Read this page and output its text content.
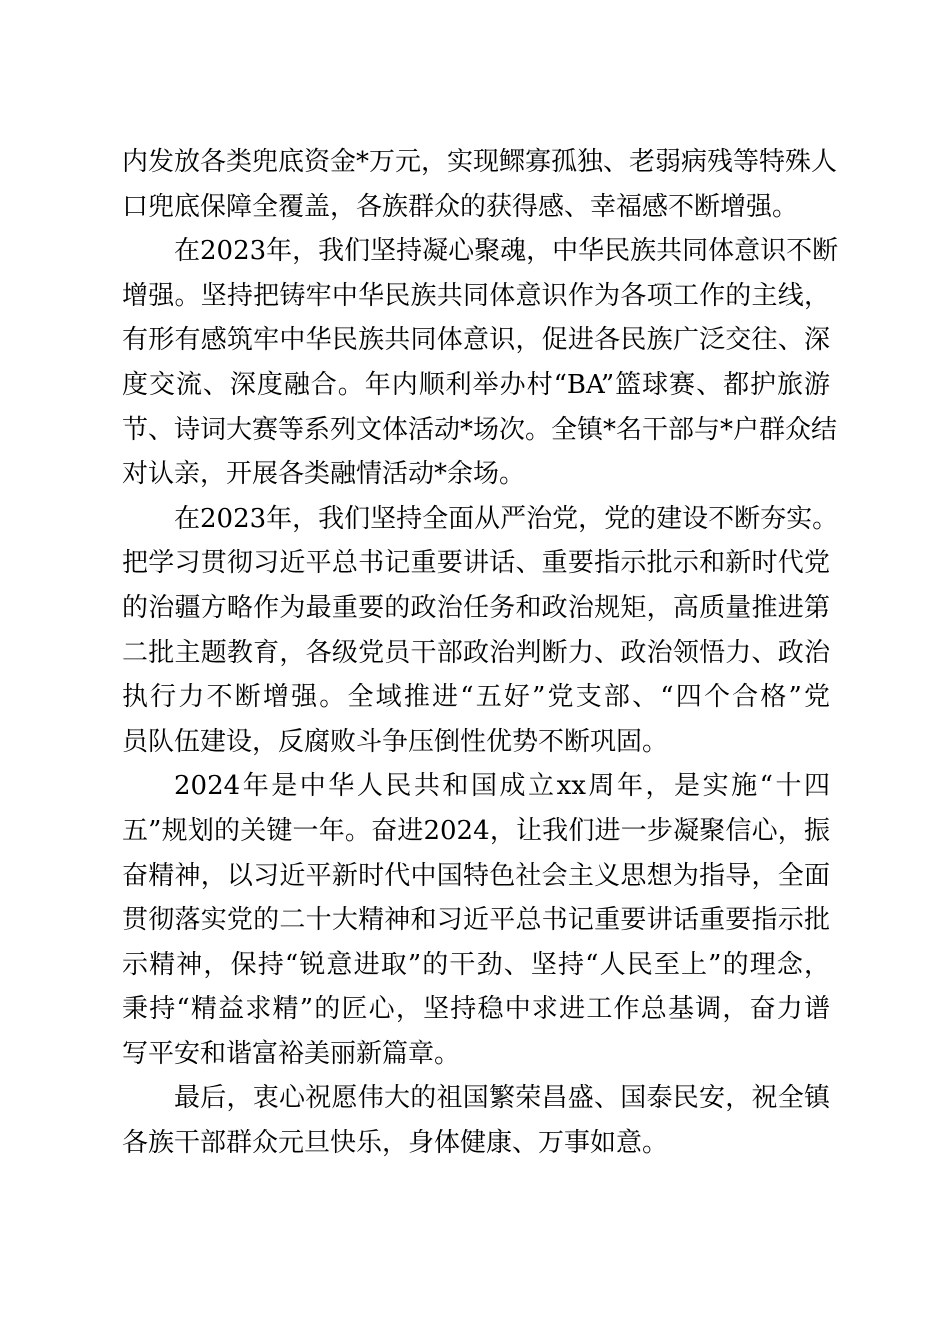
内发放各类兜底资金*万元，实现鳏寡孤独、老弱病残等特殊人
口兜底保障全覆盖，各族群众的获得感、幸福感不断增强。
在2023年，我们坚持凝心聚魂，中华民族共同体意识不断
增强。坚持把铸牢中华民族共同体意识作为各项工作的主线，
有形有感筑牢中华民族共同体意识，促进各民族广泛交往、深
度交流、深度融合。年内顺利举办村“BA”篮球赛、都护旅游
节、诗词大赛等系列文体活动*场次。全镇*名干部与*户群众结
对认亲，开展各类融情活动*余场。
在2023年，我们坚持全面从严治党，党的建设不断夯实。
把学习贯彻习近平总书记重要讲话、重要指示批示和新时代党
的治疆方略作为最重要的政治任务和政治规矩，高质量推进第
二批主题教育，各级党员干部政治判断力、政治领悟力、政治
执行力不断增强。全域推进“五好”党支部、“四个合格”党
员队伍建设，反腐败斗争压倒性优势不断巩固。
2024年是中华人民共和国成立xx周年，是实施“十四
五”规划的关键一年。奋进2024，让我们进一步凝聚信心，振
奋精神，以习近平新时代中国特色社会主义思想为指导，全面
贯彻落实党的二十大精神和习近平总书记重要讲话重要指示批
示精神，保持“锐意进取”的干劲、坚持“人民至上”的理念，
秉持“精益求精”的匠心，坚持稳中求进工作总基调，奋力谱
写平安和谐富裕美丽新篇章。
最后，衷心祝愿伟大的祖国繁荣昌盛、国泰民安，祝全镇
各族干部群众元旦快乐，身体健康、万事如意。
